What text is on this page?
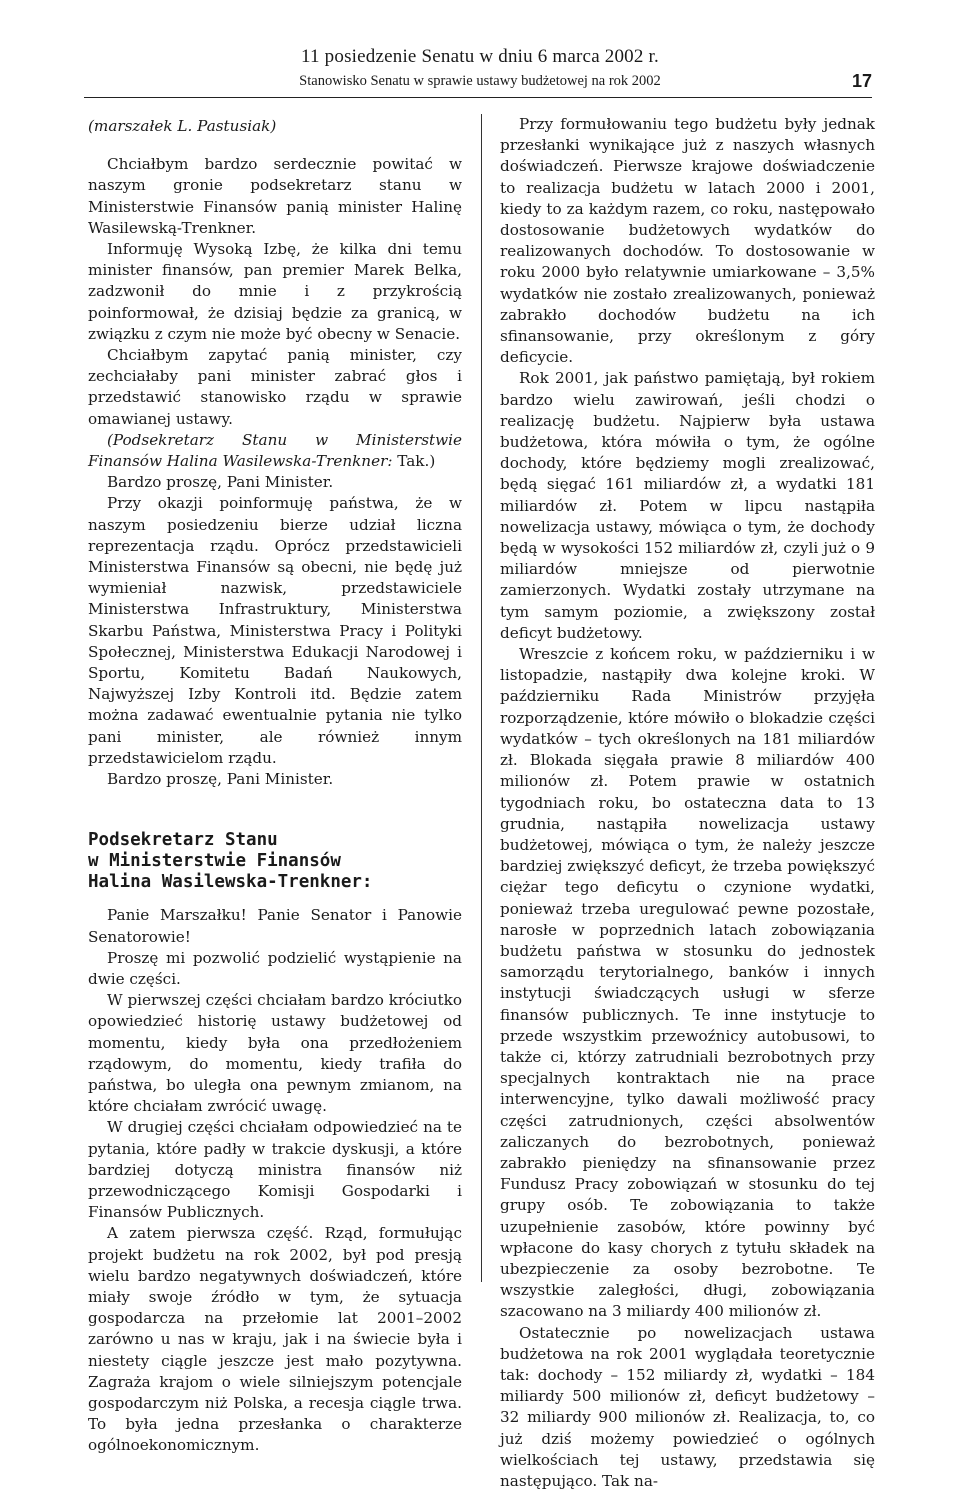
11 posiedzenie Senatu w dniu 6 marca 2002 r.
Stanowisko Senatu w sprawie ustawy budżetowej na rok 2002	17

(marszałek L. Pastusiak)

Chciałbym bardzo serdecznie powitać w naszym gronie podsekretarz stanu w Ministerstwie Finansów panią minister Halinę Wasilewską-Trenkner.

Informuję Wysoką Izbę, że kilka dni temu minister finansów, pan premier Marek Belka, zadzwonił do mnie i z przykrością poinformował, że dzisiaj będzie za granicą, w związku z czym nie może być obecny w Senacie.

Chciałbym zapytać panią minister, czy zechciałaby pani minister zabrać głos i przedstawić stanowisko rządu w sprawie omawianej ustawy.

(Podsekretarz Stanu w Ministerstwie Finansów Halina Wasilewska-Trenkner: Tak.)

Bardzo proszę, Pani Minister.

Przy okazji poinformuję państwa, że w naszym posiedzeniu bierze udział liczna reprezentacja rządu. Oprócz przedstawicieli Ministerstwa Finansów są obecni, nie będę już wymieniał nazwisk, przedstawiciele Ministerstwa Infrastruktury, Ministerstwa Skarbu Państwa, Ministerstwa Pracy i Polityki Społecznej, Ministerstwa Edukacji Narodowej i Sportu, Komitetu Badań Naukowych, Najwyższej Izby Kontroli itd. Będzie zatem można zadawać ewentualnie pytania nie tylko pani minister, ale również innym przedstawicielom rządu.

Bardzo proszę, Pani Minister.

Podsekretarz Stanu
w Ministerstwie Finansów
Halina Wasilewska-Trenkner:

Panie Marszałku! Panie Senator i Panowie Senatorowie!

Proszę mi pozwolić podzielić wystąpienie na dwie części.

W pierwszej części chciałam bardzo króciutko opowiedzieć historię ustawy budżetowej od momentu, kiedy była ona przedłożeniem rządowym, do momentu, kiedy trafiła do państwa, bo uległa ona pewnym zmianom, na które chciałam zwrócić uwagę.

W drugiej części chciałam odpowiedzieć na te pytania, które padły w trakcie dyskusji, a które bardziej dotyczą ministra finansów niż przewodniczącego Komisji Gospodarki i Finansów Publicznych.

A zatem pierwsza część. Rząd, formułując projekt budżetu na rok 2002, był pod presją wielu bardzo negatywnych doświadczeń, które miały swoje źródło w tym, że sytuacja gospodarcza na przełomie lat 2001–2002 zarówno u nas w kraju, jak i na świecie była i niestety ciągle jeszcze jest mało pozytywna. Zagraża krajom o wiele silniejszym potencjale gospodarczym niż Polska, a recesja ciągle trwa. To była jedna przesłanka o charakterze ogólnoekonomicznym.

Przy formułowaniu tego budżetu były jednak przesłanki wynikające już z naszych własnych doświadczeń. Pierwsze krajowe doświadczenie to realizacja budżetu w latach 2000 i 2001, kiedy to za każdym razem, co roku, następowało dostosowanie budżetowych wydatków do realizowanych dochodów. To dostosowanie w roku 2000 było relatywnie umiarkowane – 3,5% wydatków nie zostało zrealizowanych, ponieważ zabrakło dochodów budżetu na ich sfinansowanie, przy określonym z góry deficycie.

Rok 2001, jak państwo pamiętają, był rokiem bardzo wielu zawirowań, jeśli chodzi o realizację budżetu. Najpierw była ustawa budżetowa, która mówiła o tym, że ogólne dochody, które będziemy mogli zrealizować, będą sięgać 161 miliardów zł, a wydatki 181 miliardów zł. Potem w lipcu nastąpiła nowelizacja ustawy, mówiąca o tym, że dochody będą w wysokości 152 miliardów zł, czyli już o 9 miliardów mniejsze od pierwotnie zamierzonych. Wydatki zostały utrzymane na tym samym poziomie, a zwiększony został deficyt budżetowy.

Wreszcie z końcem roku, w październiku i w listopadzie, nastąpiły dwa kolejne kroki. W październiku Rada Ministrów przyjęła rozporządzenie, które mówiło o blokadzie części wydatków – tych określonych na 181 miliardów zł. Blokada sięgała prawie 8 miliardów 400 milionów zł. Potem prawie w ostatnich tygodniach roku, bo ostateczna data to 13 grudnia, nastąpiła nowelizacja ustawy budżetowej, mówiąca o tym, że należy jeszcze bardziej zwiększyć deficyt, że trzeba powiększyć ciężar tego deficytu o czynione wydatki, ponieważ trzeba uregulować pewne pozostałe, narosłe w poprzednich latach zobowiązania budżetu państwa w stosunku do jednostek samorządu terytorialnego, banków i innych instytucji świadczących usługi w sferze finansów publicznych. Te inne instytucje to przede wszystkim przewoźnicy autobusowi, to także ci, którzy zatrudniali bezrobotnych przy specjalnych kontraktach nie na prace interwencyjne, tylko dawali możliwość pracy części zatrudnionych, części absolwentów zaliczanych do bezrobotnych, ponieważ zabrakło pieniędzy na sfinansowanie przez Fundusz Pracy zobowiązań w stosunku do tej grupy osób. Te zobowiązania to także uzupełnienie zasobów, które powinny być wpłacone do kasy chorych z tytułu składek na ubezpieczenie za osoby bezrobotne. Te wszystkie zaległości, długi, zobowiązania szacowano na 3 miliardy 400 milionów zł.

Ostatecznie po nowelizacjach ustawa budżetowa na rok 2001 wyglądała teoretycznie tak: dochody – 152 miliardy zł, wydatki – 184 miliardy 500 milionów zł, deficyt budżetowy – 32 miliardy 900 milionów zł. Realizacja, to, co już dziś możemy powiedzieć o ogólnych wielkościach tej ustawy, przedstawia się następująco. Tak na-
